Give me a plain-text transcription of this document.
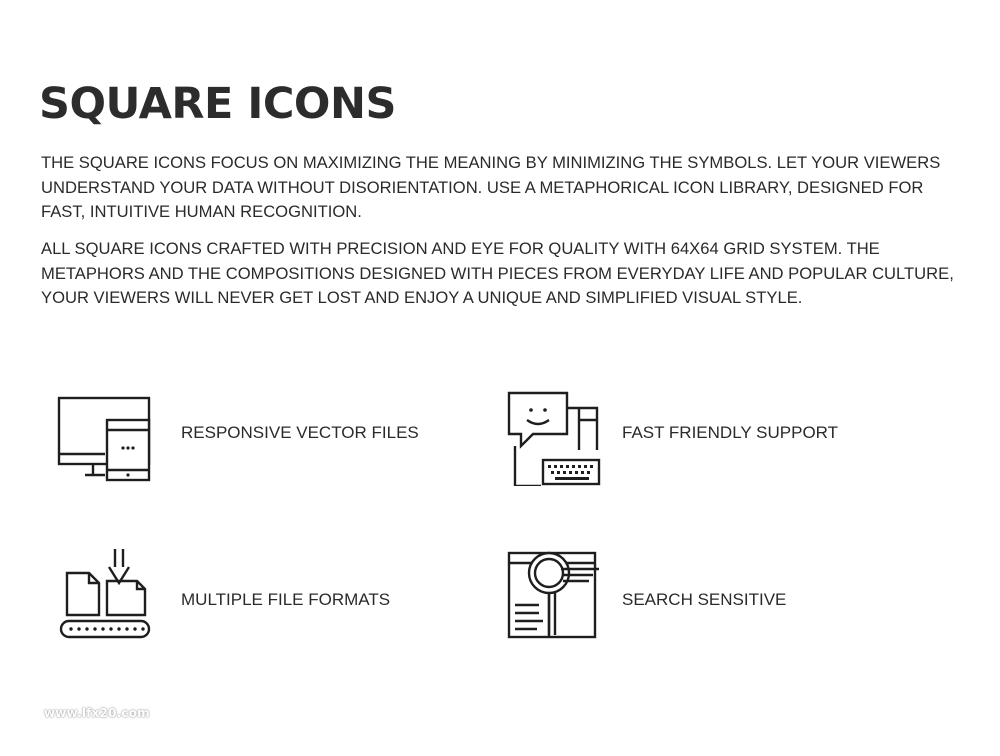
SQUARE ICONS

THE SQUARE ICONS FOCUS ON MAXIMIZING THE MEANING BY MINIMIZING THE SYMBOLS. LET YOUR VIEWERS UNDERSTAND YOUR DATA WITHOUT DISORIENTATION. USE A METAPHORICAL ICON LIBRARY, DESIGNED FOR FAST, INTUITIVE HUMAN RECOGNITION.

ALL SQUARE ICONS CRAFTED WITH PRECISION AND EYE FOR QUALITY WITH 64X64 GRID SYSTEM. THE METAPHORS AND THE COMPOSITIONS DESIGNED WITH PIECES FROM EVERYDAY LIFE AND POPULAR CULTURE, YOUR VIEWERS WILL NEVER GET LOST AND ENJOY A UNIQUE AND SIMPLIFIED VISUAL STYLE.

RESPONSIVE VECTOR FILES	FAST FRIENDLY SUPPORT
MULTIPLE FILE FORMATS	SEARCH SENSITIVE
www.lfx20.com
